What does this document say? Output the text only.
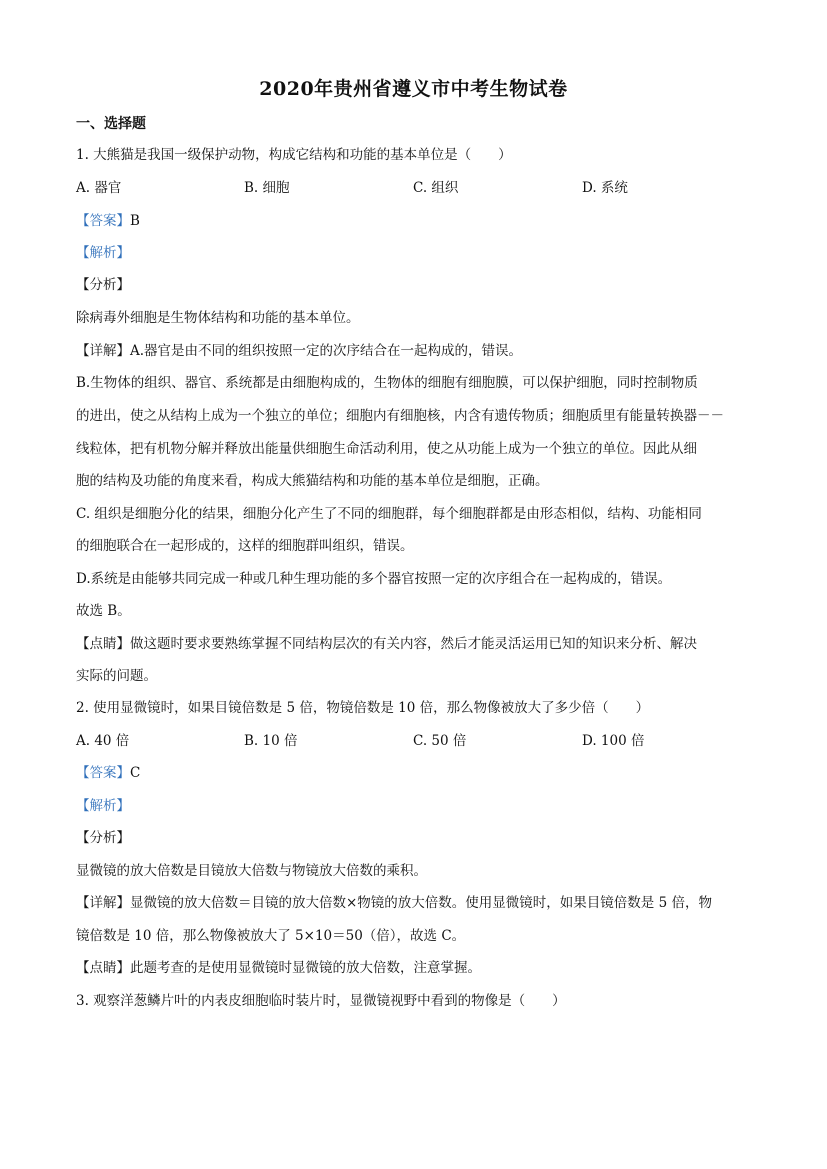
2020年贵州省遵义市中考生物试卷
一、选择题
1. 大熊猫是我国一级保护动物，构成它结构和功能的基本单位是（　　）
A. 器官	B. 细胞	C. 组织	D. 系统
【答案】B
【解析】
【分析】
除病毒外细胞是生物体结构和功能的基本单位。
【详解】A.器官是由不同的组织按照一定的次序结合在一起构成的，错误。
B.生物体的组织、器官、系统都是由细胞构成的，生物体的细胞有细胞膜，可以保护细胞，同时控制物质
的进出，使之从结构上成为一个独立的单位；细胞内有细胞核，内含有遗传物质；细胞质里有能量转换器－－
线粒体，把有机物分解并释放出能量供细胞生命活动利用，使之从功能上成为一个独立的单位。因此从细
胞的结构及功能的角度来看，构成大熊猫结构和功能的基本单位是细胞，正确。
C. 组织是细胞分化的结果，细胞分化产生了不同的细胞群，每个细胞群都是由形态相似，结构、功能相同
的细胞联合在一起形成的，这样的细胞群叫组织，错误。
D.系统是由能够共同完成一种或几种生理功能的多个器官按照一定的次序组合在一起构成的，错误。
故选 B。
【点睛】做这题时要求要熟练掌握不同结构层次的有关内容，然后才能灵活运用已知的知识来分析、解决
实际的问题。
2. 使用显微镜时，如果目镜倍数是 5 倍，物镜倍数是 10 倍，那么物像被放大了多少倍（　　）
A. 40 倍	B. 10 倍	C. 50 倍	D. 100 倍
【答案】C
【解析】
【分析】
显微镜的放大倍数是目镜放大倍数与物镜放大倍数的乘积。
【详解】显微镜的放大倍数＝目镜的放大倍数×物镜的放大倍数。使用显微镜时，如果目镜倍数是 5 倍，物
镜倍数是 10 倍，那么物像被放大了 5×10＝50（倍），故选 C。
【点睛】此题考查的是使用显微镜时显微镜的放大倍数，注意掌握。
3. 观察洋葱鳞片叶的内表皮细胞临时装片时，显微镜视野中看到的物像是（　　）
